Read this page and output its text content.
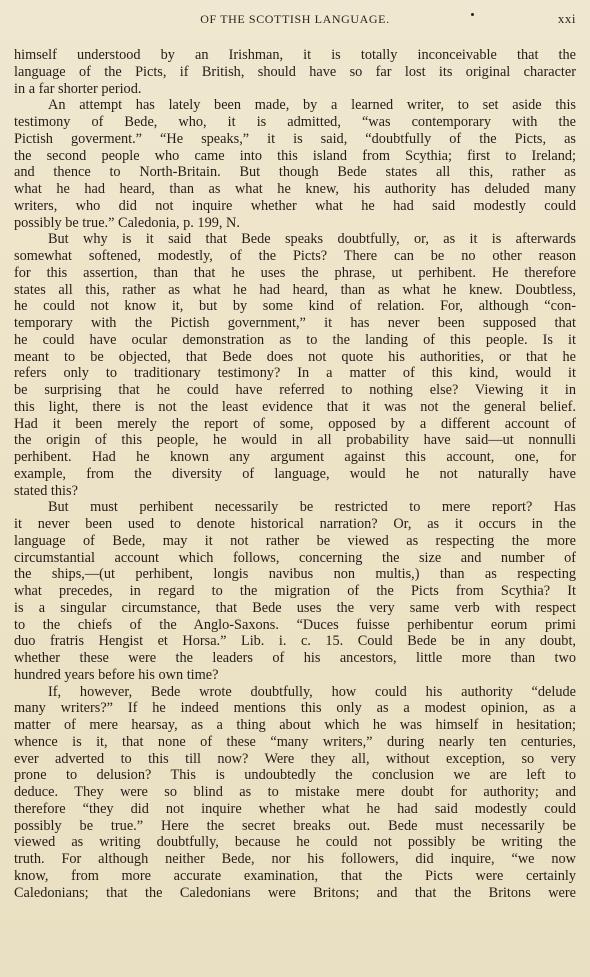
OF THE SCOTTISH LANGUAGE.	xxi
himself understood by an Irishman, it is totally inconceivable that the
language of the Picts, if British, should have so far lost its original character
in a far shorter period.
An attempt has lately been made, by a learned writer, to set aside this
testimony of Bede, who, it is admitted, “was contemporary with the
Pictish goverment.” “He speaks,” it is said, “doubtfully of the Picts, as
the second people who came into this island from Scythia; first to Ireland;
and thence to North-Britain. But though Bede states all this, rather as
what he had heard, than as what he knew, his authority has deluded many
writers, who did not inquire whether what he had said modestly could
possibly be true.” Caledonia, p. 199, N.
But why is it said that Bede speaks doubtfully, or, as it is afterwards
somewhat softened, modestly, of the Picts? There can be no other reason
for this assertion, than that he uses the phrase, ut perhibent. He therefore
states all this, rather as what he had heard, than as what he knew. Doubtless,
he could not know it, but by some kind of relation. For, although “con-
temporary with the Pictish government,” it has never been supposed that
he could have ocular demonstration as to the landing of this people. Is it
meant to be objected, that Bede does not quote his authorities, or that he
refers only to traditionary testimony? In a matter of this kind, would it
be surprising that he could have referred to nothing else? Viewing it in
this light, there is not the least evidence that it was not the general belief.
Had it been merely the report of some, opposed by a different account of
the origin of this people, he would in all probability have said—ut nonnulli
perhibent. Had he known any argument against this account, one, for
example, from the diversity of language, would he not naturally have
stated this?
But must perhibent necessarily be restricted to mere report? Has
it never been used to denote historical narration? Or, as it occurs in the
language of Bede, may it not rather be viewed as respecting the more
circumstantial account which follows, concerning the size and number of
the ships,—(ut perhibent, longis navibus non multis,) than as respecting
what precedes, in regard to the migration of the Picts from Scythia? It
is a singular circumstance, that Bede uses the very same verb with respect
to the chiefs of the Anglo-Saxons. “Duces fuisse perhibentur eorum primi
duo fratris Hengist et Horsa.” Lib. i. c. 15. Could Bede be in any doubt,
whether these were the leaders of his ancestors, little more than two
hundred years before his own time?
If, however, Bede wrote doubtfully, how could his authority “delude
many writers?” If he indeed mentions this only as a modest opinion, as a
matter of mere hearsay, as a thing about which he was himself in hesitation;
whence is it, that none of these “many writers,” during nearly ten centuries,
ever adverted to this till now? Were they all, without exception, so very
prone to delusion? This is undoubtedly the conclusion we are left to
deduce. They were so blind as to mistake mere doubt for authority; and
therefore “they did not inquire whether what he had said modestly could
possibly be true.” Here the secret breaks out. Bede must necessarily be
viewed as writing doubtfully, because he could not possibly be writing the
truth. For although neither Bede, nor his followers, did inquire, “we now
know, from more accurate examination, that the Picts were certainly
Caledonians; that the Caledonians were Britons; and that the Britons were
